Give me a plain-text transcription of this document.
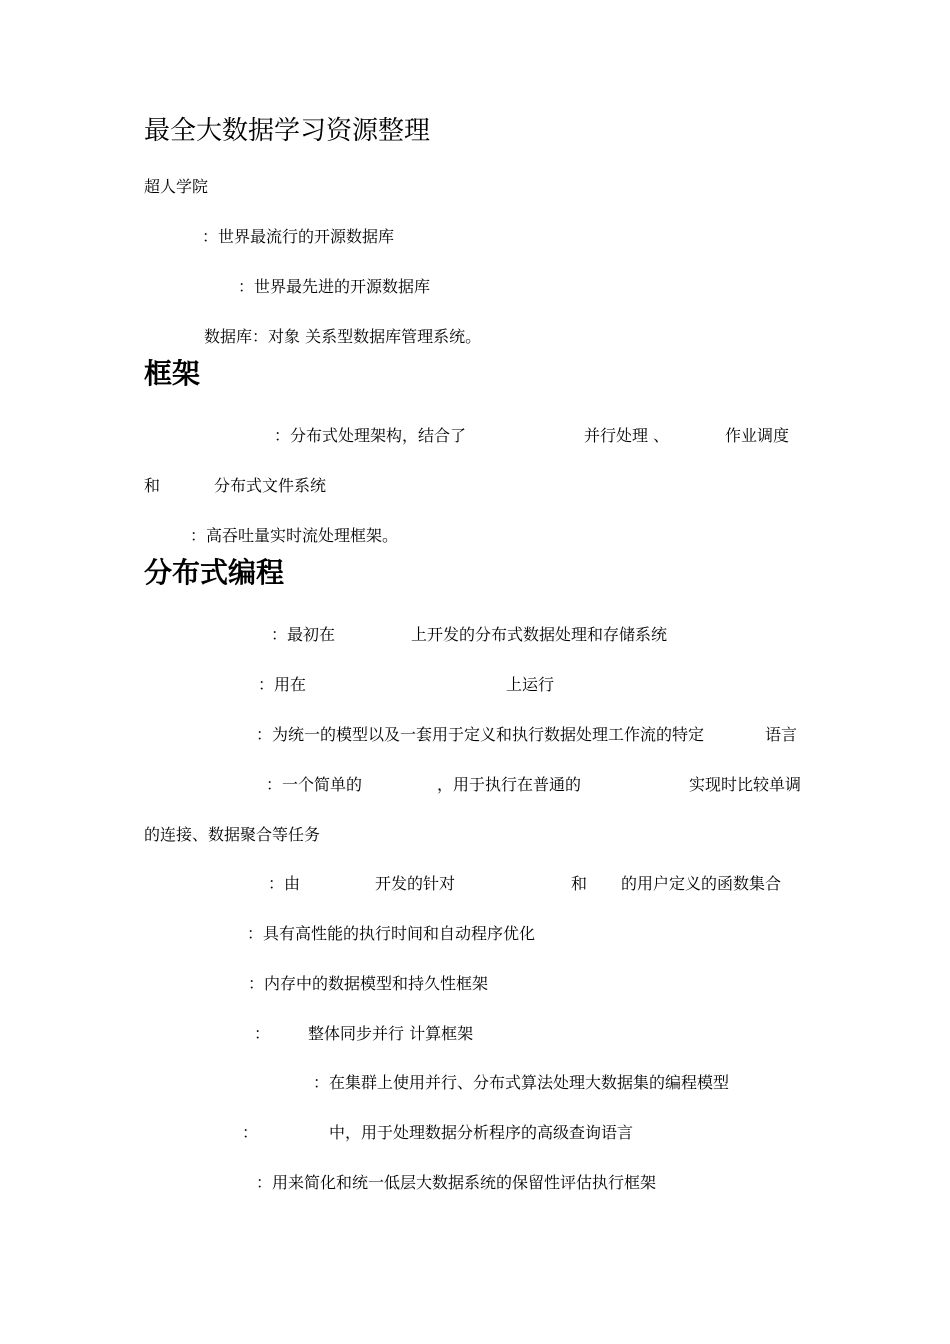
最全大数据学习资源整理
超人学院
：世界最流行的开源数据库
：世界最先进的开源数据库
数据库：对象 关系型数据库管理系统。
框架
：分布式处理架构，结合了	并行处理 、	作业调度
和	分布式文件系统
：高吞吐量实时流处理框架。
分布式编程
：最初在	上开发的分布式数据处理和存储系统
：用在	上运行
：为统一的模型以及一套用于定义和执行数据处理工作流的特定	语言
：一个简单的	，用于执行在普通的	实现时比较单调
的连接、数据聚合等任务
：由	开发的针对	和 的用户定义的函数集合
：具有高性能的执行时间和自动程序优化
：内存中的数据模型和持久性框架
： 整体同步并行 计算框架
：在集群上使用并行、分布式算法处理大数据集的编程模型
：	中，用于处理数据分析程序的高级查询语言
：用来简化和统一低层大数据系统的保留性评估执行框架
